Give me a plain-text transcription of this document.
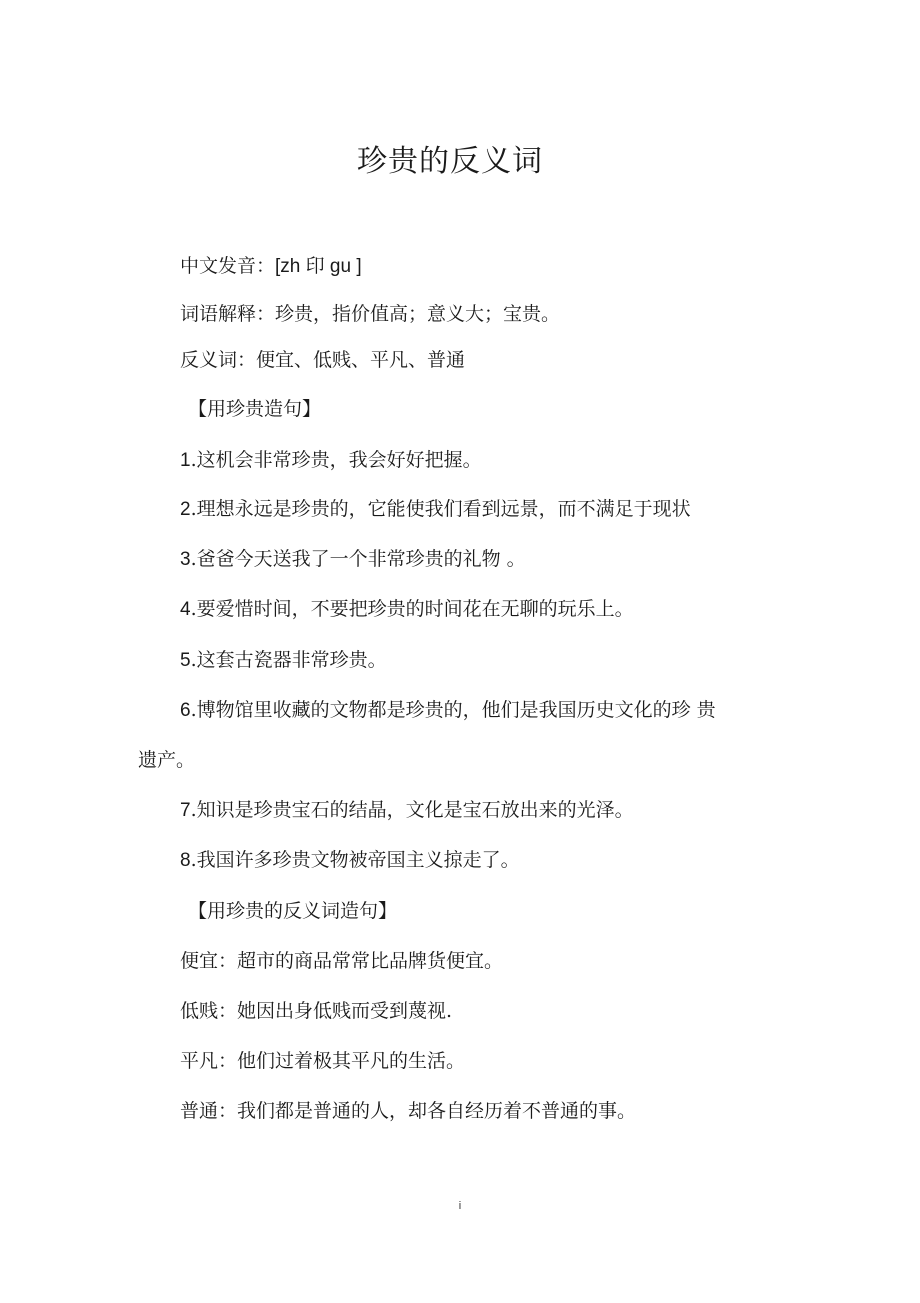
珍贵的反义词
中文发音：[zh 印 gu ]
词语解释：珍贵，指价值高；意义大；宝贵。
反义词：便宜、低贱、平凡、普通
【用珍贵造句】
1.这机会非常珍贵，我会好好把握。
2.理想永远是珍贵的，它能使我们看到远景，而不满足于现状
3.爸爸今天送我了一个非常珍贵的礼物 。
4.要爱惜时间，不要把珍贵的时间花在无聊的玩乐上。
5.这套古瓷器非常珍贵。
6.博物馆里收藏的文物都是珍贵的，他们是我国历史文化的珍 贵
遗产。
7.知识是珍贵宝石的结晶，文化是宝石放出来的光泽。
8.我国许多珍贵文物被帝国主义掠走了。
【用珍贵的反义词造句】
便宜：超市的商品常常比品牌货便宜。
低贱：她因出身低贱而受到蔑视.
平凡：他们过着极其平凡的生活。
普通：我们都是普通的人，却各自经历着不普通的事。
i
